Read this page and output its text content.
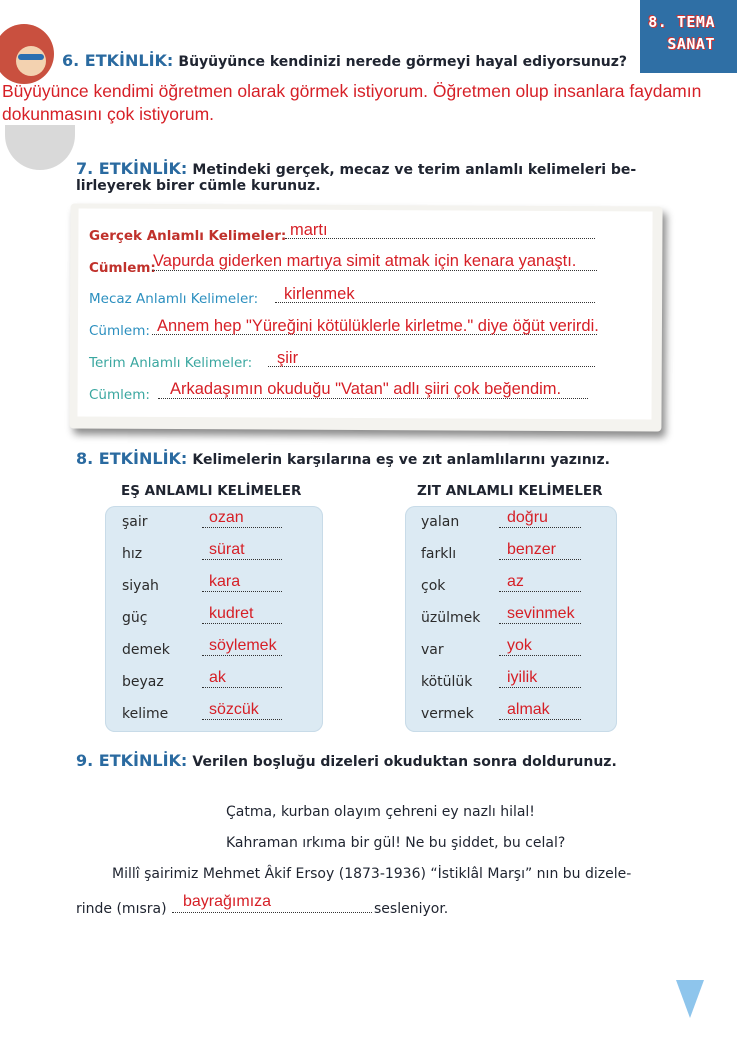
8. TEMA
SANAT
6. ETKİNLİK: Büyüyünce kendinizi nerede görmeyi hayal ediyorsunuz?
Büyüyünce kendimi öğretmen olarak görmek istiyorum. Öğretmen olup insanlara faydamın
dokunmasını çok istiyorum.
7. ETKİNLİK: Metindeki gerçek, mecaz ve terim anlamlı kelimeleri be-
lirleyerek birer cümle kurunuz.
Gerçek Anlamlı Kelimeler: martı
Cümlem:
Vapurda giderken martıya simit atmak için kenara yanaştı.
Mecaz Anlamlı Kelimeler: kirlenmek
Cümlem: Annem hep "Yüreğini kötülüklerle kirletme." diye öğüt verirdi.
Terim Anlamlı Kelimeler: şiir
Cümlem: Arkadaşımın okuduğu "Vatan" adlı şiiri çok beğendim.
8. ETKİNLİK: Kelimelerin karşılarına eş ve zıt anlamlılarını yazınız.
EŞ ANLAMLI KELİMELER	ZIT ANLAMLI KELİMELER
şair	ozan
hız	sürat
siyah	kara
güç	kudret
demek söylemek
beyaz	ak
kelime	sözcük
yalan	doğru
farklı	benzer
çok	az
üzülmek sevinmek
var	yok
kötülük iyilik
vermek almak
9. ETKİNLİK: Verilen boşluğu dizeleri okuduktan sonra doldurunuz.
Çatma, kurban olayım çehreni ey nazlı hilal!
Kahraman ırkıma bir gül! Ne bu şiddet, bu celal?
Millî şairimiz Mehmet Âkif Ersoy (1873-1936) “İstiklâl Marşı” nın bu dizele-
rinde (mısra) bayrağımıza	sesleniyor.
